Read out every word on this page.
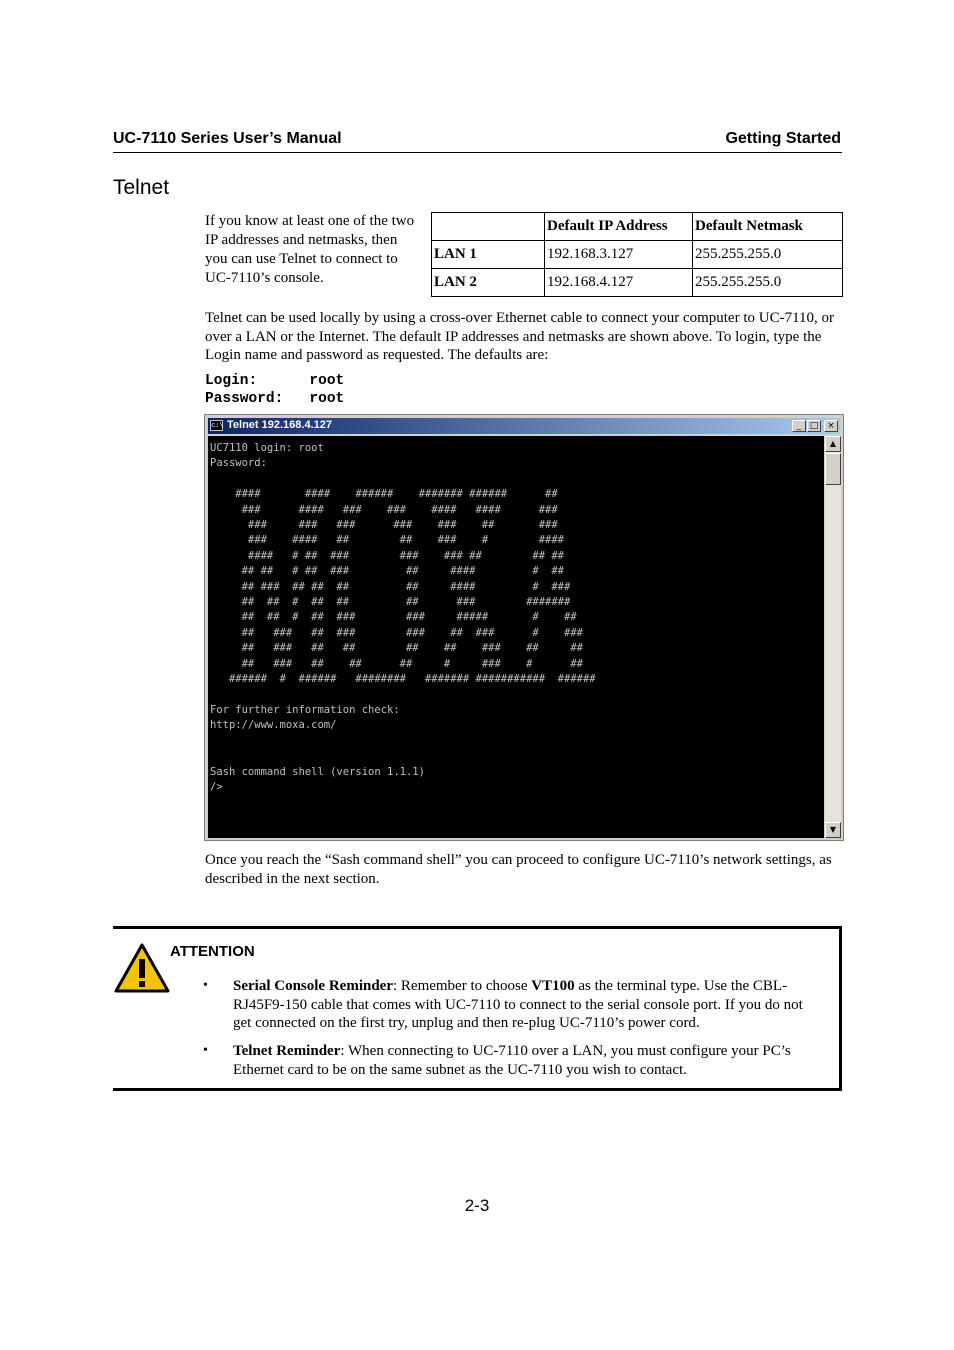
UC-7110 Series User’s Manual	Getting Started
Telnet
If you know at least one of the two IP addresses and netmasks, then you can use Telnet to connect to UC-7110’s console.
	Default IP Address	Default Netmask
LAN 1	192.168.3.127	255.255.255.0
LAN 2	192.168.4.127	255.255.255.0
Telnet can be used locally by using a cross-over Ethernet cable to connect your computer to UC-7110, or over a LAN or the Internet. The default IP addresses and netmasks are shown above. To login, type the Login name and password as requested. The defaults are:
Login:      root
Password:   root
c:\ Telnet 192.168.4.127	_ □ ×
UC7110 login: root
Password:

####       ####    ######    ####### ######      ##
###      ####   ###    ###    ####   ####      ###
###     ###   ###      ###    ###    ##       ###
###    ####   ##        ##    ###    #        ####
####   # ##  ###        ###    ### ##        ## ##
## ##   # ##  ###         ##     ####         #  ##
## ###  ## ##  ##         ##     ####         #  ###
##  ##  #  ##  ##         ##      ###        #######
##  ##  #  ##  ###        ###     #####       #    ##
##   ###   ##  ###        ###    ##  ###      #    ###
##   ###   ##   ##        ##    ##    ###    ##     ##
##   ###   ##    ##      ##     #     ###    #      ##
######  #  ######   ########   ####### ###########  ######

For further information check:
http://www.moxa.com/

Sash command shell (version 1.1.1)
/>
▲
▼
Once you reach the “Sash command shell” you can proceed to configure UC-7110’s network settings, as described in the next section.
ATTENTION
• Serial Console Reminder: Remember to choose VT100 as the terminal type. Use the CBL-RJ45F9-150 cable that comes with UC-7110 to connect to the serial console port. If you do not get connected on the first try, unplug and then re-plug UC-7110’s power cord.
• Telnet Reminder: When connecting to UC-7110 over a LAN, you must configure your PC’s Ethernet card to be on the same subnet as the UC-7110 you wish to contact.
2-3
